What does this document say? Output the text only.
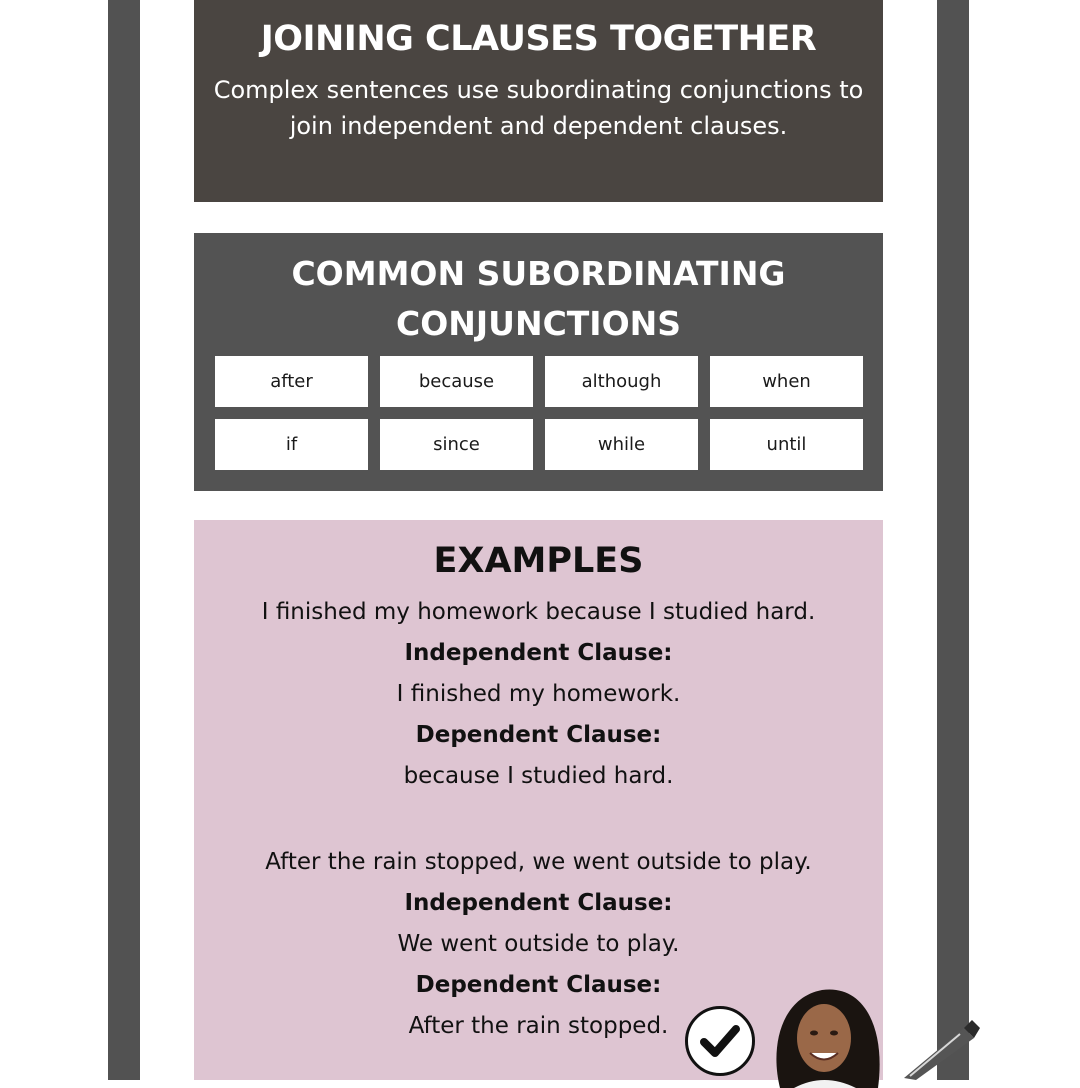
JOINING CLAUSES TOGETHER

Complex sentences use subordinating conjunctions to join independent and dependent clauses.

COMMON SUBORDINATING
CONJUNCTIONS
after	because	although	when
if	since	while	until
EXAMPLES
I finished my homework because I studied hard.
Independent Clause:
I finished my homework.
Dependent Clause:
because I studied hard.
After the rain stopped, we went outside to play.
Independent Clause:
We went outside to play.
Dependent Clause:
After the rain stopped.
